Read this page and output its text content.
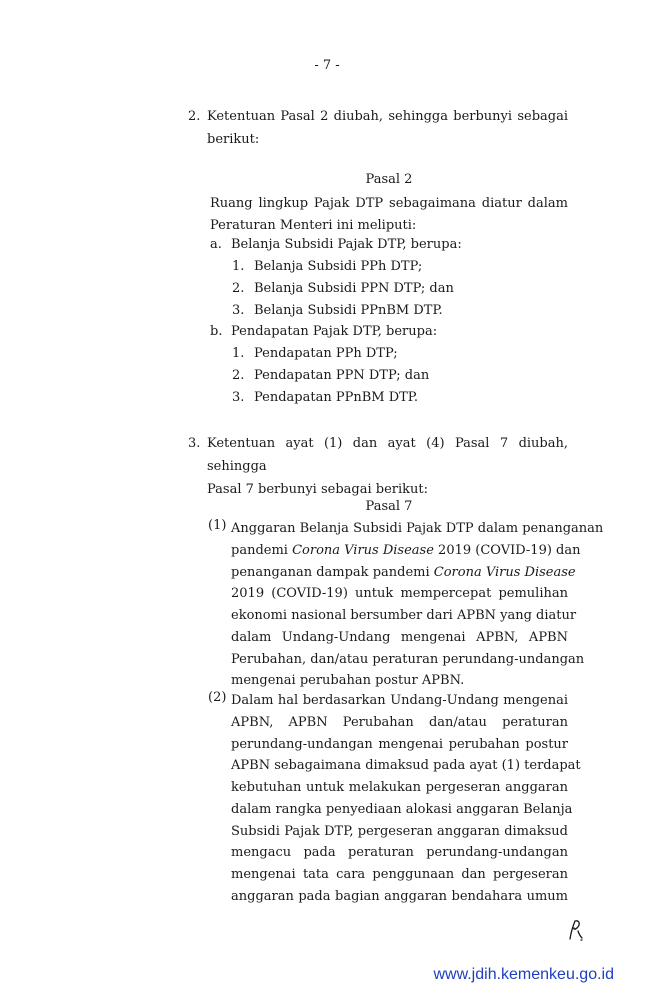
- 7 -
2. Ketentuan Pasal 2 diubah, sehingga berbunyi sebagai
berikut:
Pasal 2
Ruang lingkup Pajak DTP sebagaimana diatur dalam
Peraturan Menteri ini meliputi:
a. Belanja Subsidi Pajak DTP, berupa:
1. Belanja Subsidi PPh DTP;
2. Belanja Subsidi PPN DTP; dan
3. Belanja Subsidi PPnBM DTP.
b. Pendapatan Pajak DTP, berupa:
1. Pendapatan PPh DTP;
2. Pendapatan PPN DTP; dan
3. Pendapatan PPnBM DTP.
3. Ketentuan ayat (1) dan ayat (4) Pasal 7 diubah, sehingga
Pasal 7 berbunyi sebagai berikut:
Pasal 7
(1) Anggaran Belanja Subsidi Pajak DTP dalam penanganan
pandemi Corona Virus Disease 2019 (COVID-19) dan
penanganan dampak pandemi Corona Virus Disease
2019 (COVID-19) untuk mempercepat pemulihan
ekonomi nasional bersumber dari APBN yang diatur
dalam Undang-Undang mengenai APBN, APBN
Perubahan, dan/atau peraturan perundang-undangan
mengenai perubahan postur APBN.
(2) Dalam hal berdasarkan Undang-Undang mengenai
APBN, APBN Perubahan dan/atau peraturan
perundang-undangan mengenai perubahan postur
APBN sebagaimana dimaksud pada ayat (1) terdapat
kebutuhan untuk melakukan pergeseran anggaran
dalam rangka penyediaan alokasi anggaran Belanja
Subsidi Pajak DTP, pergeseran anggaran dimaksud
mengacu pada peraturan perundang-undangan
mengenai tata cara penggunaan dan pergeseran
anggaran pada bagian anggaran bendahara umum
www.jdih.kemenkeu.go.id
